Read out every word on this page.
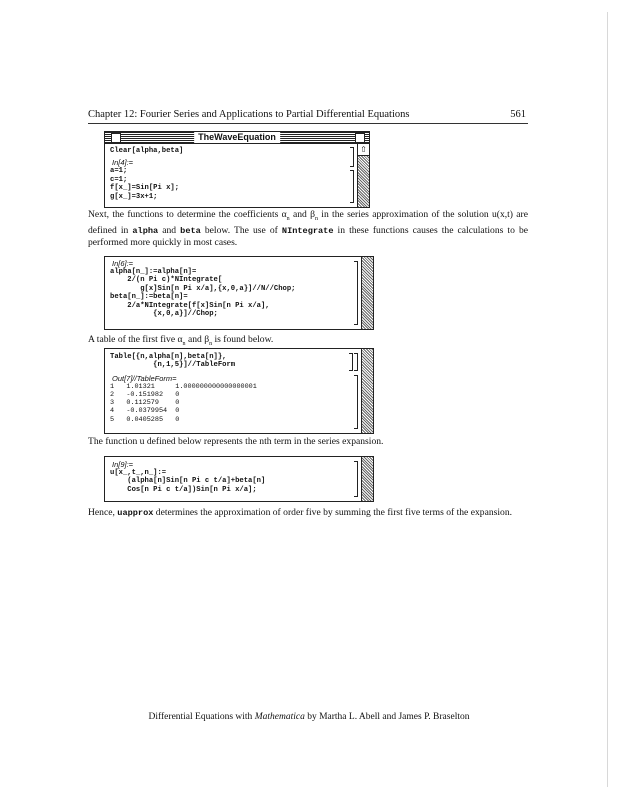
Chapter 12: Fourier Series and Applications to Partial Differential Equations	561
TheWaveEquation
⇧
Clear[alpha,beta]
In[4]:=
a=1;
c=1;
f[x_]=Sin[Pi x];
g[x_]=3x+1;

Next, the functions to determine the coefficients $\alpha_n$ and $\beta_n$ in the series approximation of the solution u(x,t) are defined in alpha and beta below. The use of NIntegrate in these functions causes the calculations to be performed more quickly in most cases.

In[6]:=
alpha[n_]:=alpha[n]=
2/(n Pi c)*NIntegrate[
g[x]Sin[n Pi x/a],{x,0,a}]//N//Chop;
beta[n_]:=beta[n]=
2/a*NIntegrate[f[x]Sin[n Pi x/a],
{x,0,a}]//Chop;

A table of the first five $\alpha_n$ and $\beta_n$ is found below.

Table[{n,alpha[n],beta[n]},
{n,1,5}]//TableForm
Out[7]//TableForm=
1   1.01321     1.000000000000000001
2   -0.151982   0
3   0.112579    0
4   -0.0379954  0
5   0.0405285   0

The function u defined below represents the nth term in the series expansion.

In[9]:=
u[x_,t_,n_]:=
(alpha[n]Sin[n Pi c t/a]+beta[n]
Cos[n Pi c t/a])Sin[n Pi x/a];

Hence, uapprox determines the approximation of order five by summing the first five terms of the expansion.

Differential Equations with Mathematica by Martha L. Abell and James P. Braselton
